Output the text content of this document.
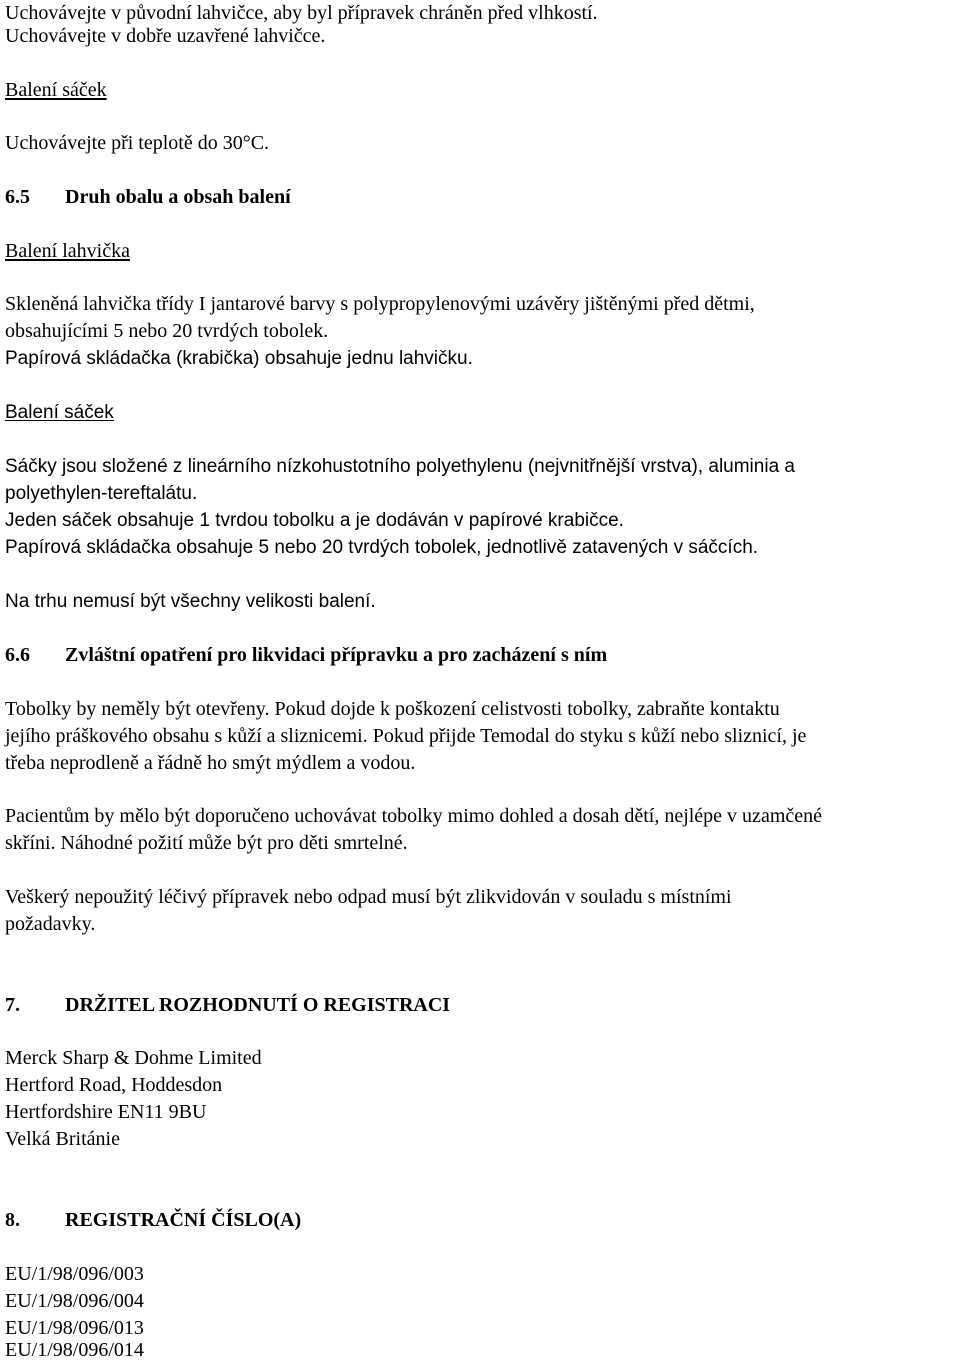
Uchovávejte v původní lahvičce, aby byl přípravek chráněn před vlhkostí.
Uchovávejte v dobře uzavřené lahvičce.
Balení sáček
Uchovávejte při teplotě do 30°C.
6.5 Druh obalu a obsah balení
Balení lahvička
Skleněná lahvička třídy I jantarové barvy s polypropylenovými uzávěry jištěnými před dětmi,
obsahujícími 5 nebo 20 tvrdých tobolek.
Papírová skládačka (krabička) obsahuje jednu lahvičku.
Balení sáček
Sáčky jsou složené z lineárního nízkohustotního polyethylenu (nejvnitřnější vrstva), aluminia a
polyethylen-tereftalátu.
Jeden sáček obsahuje 1 tvrdou tobolku a je dodáván v papírové krabičce.
Papírová skládačka obsahuje 5 nebo 20 tvrdých tobolek, jednotlivě zatavených v sáčcích.
Na trhu nemusí být všechny velikosti balení.
6.6 Zvláštní opatření pro likvidaci přípravku a pro zacházení s ním
Tobolky by neměly být otevřeny. Pokud dojde k poškození celistvosti tobolky, zabraňte kontaktu
jejího práškového obsahu s kůží a sliznicemi. Pokud přijde Temodal do styku s kůží nebo sliznicí, je
třeba neprodleně a řádně ho smýt mýdlem a vodou.
Pacientům by mělo být doporučeno uchovávat tobolky mimo dohled a dosah dětí, nejlépe v uzamčené
skříni. Náhodné požití může být pro děti smrtelné.
Veškerý nepoužitý léčivý přípravek nebo odpad musí být zlikvidován v souladu s místními
požadavky.
7. DRŽITEL ROZHODNUTÍ O REGISTRACI
Merck Sharp & Dohme Limited
Hertford Road, Hoddesdon
Hertfordshire EN11 9BU
Velká Británie
8. REGISTRAČNÍ ČÍSLO(A)
EU/1/98/096/003
EU/1/98/096/004
EU/1/98/096/013
EU/1/98/096/014
